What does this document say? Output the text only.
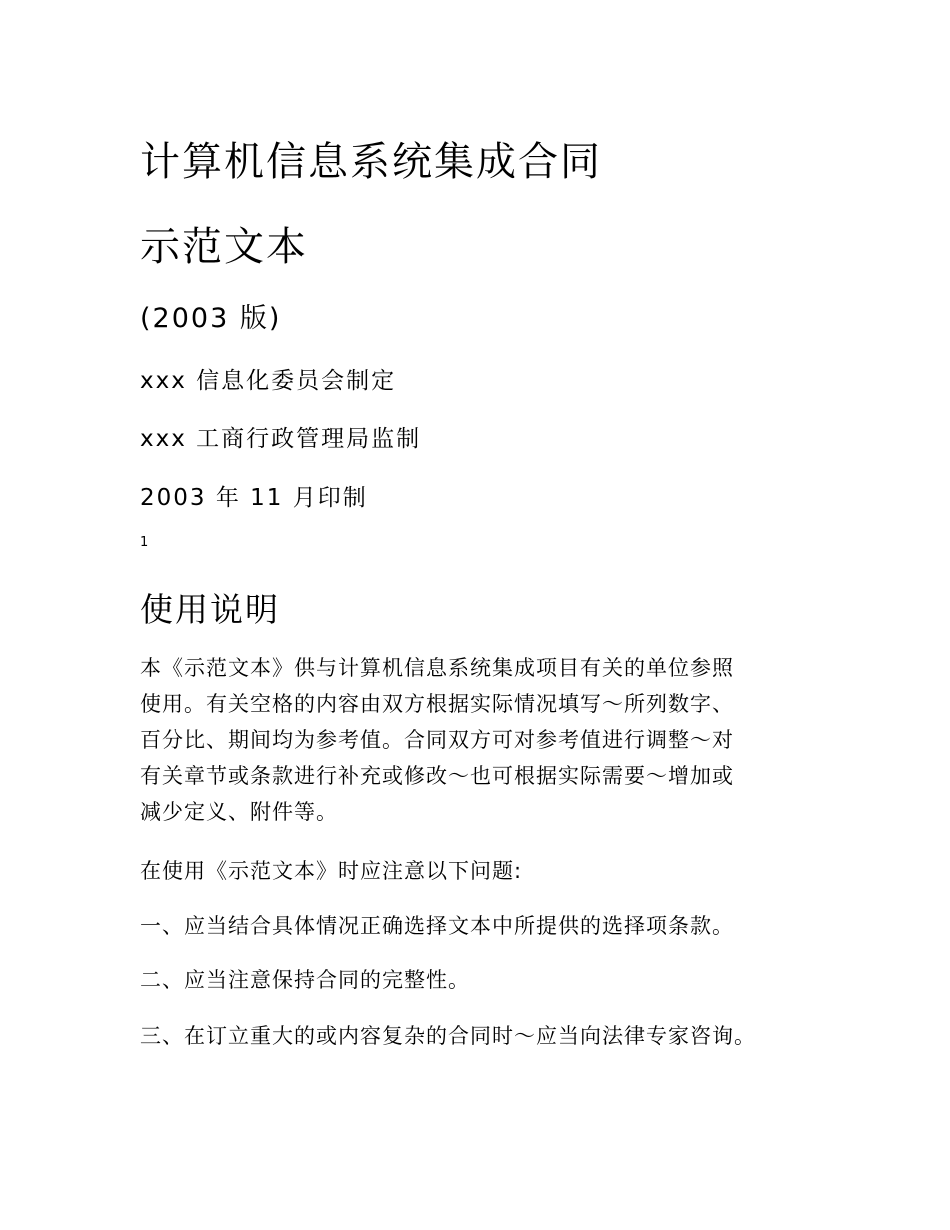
计算机信息系统集成合同
示范文本

(2003 版)

xxx 信息化委员会制定

xxx 工商行政管理局监制

2003 年 11 月印制

1

使用说明

本《示范文本》供与计算机信息系统集成项目有关的单位参照
使用。有关空格的内容由双方根据实际情况填写～所列数字、
百分比、期间均为参考值。合同双方可对参考值进行调整～对
有关章节或条款进行补充或修改～也可根据实际需要～增加或
减少定义、附件等。

在使用《示范文本》时应注意以下问题:

一、应当结合具体情况正确选择文本中所提供的选择项条款。

二、应当注意保持合同的完整性。

三、在订立重大的或内容复杂的合同时～应当向法律专家咨询。
